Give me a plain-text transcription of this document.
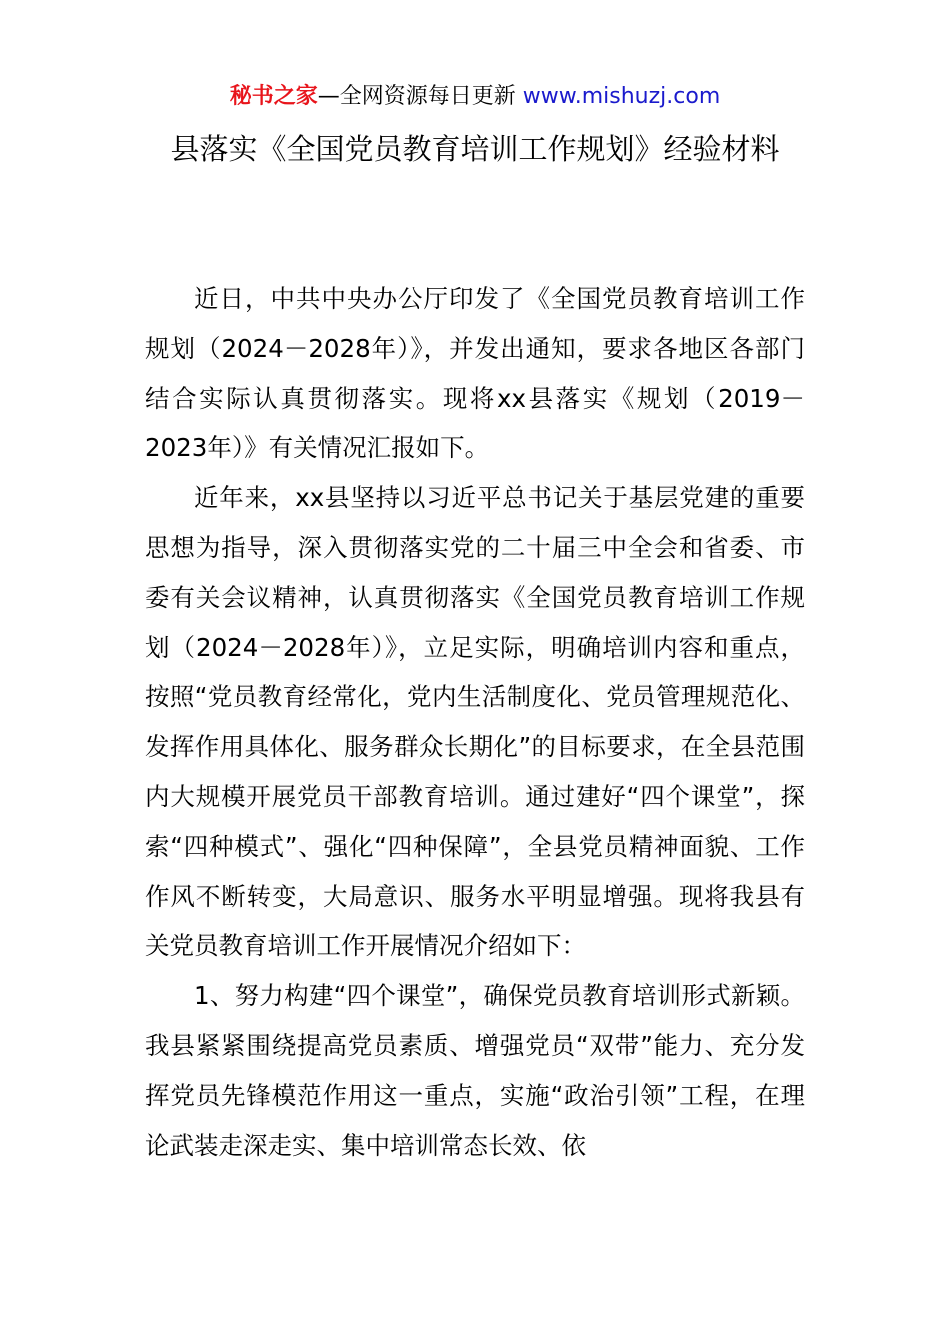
秘书之家—全网资源每日更新 www.mishuzj.com
县落实《全国党员教育培训工作规划》经验材料

近日，中共中央办公厅印发了《全国党员教育培训工作规划（2024－2028年）》，并发出通知，要求各地区各部门结合实际认真贯彻落实。现将xx县落实《规划（2019－2023年）》有关情况汇报如下。

近年来，xx县坚持以习近平总书记关于基层党建的重要思想为指导，深入贯彻落实党的二十届三中全会和省委、市委有关会议精神，认真贯彻落实《全国党员教育培训工作规划（2024－2028年）》，立足实际，明确培训内容和重点，按照“党员教育经常化，党内生活制度化、党员管理规范化、发挥作用具体化、服务群众长期化”的目标要求，在全县范围内大规模开展党员干部教育培训。通过建好“四个课堂”，探索“四种模式”、强化“四种保障”，全县党员精神面貌、工作作风不断转变，大局意识、服务水平明显增强。现将我县有关党员教育培训工作开展情况介绍如下：

1、努力构建“四个课堂”，确保党员教育培训形式新颖。我县紧紧围绕提高党员素质、增强党员“双带”能力、充分发挥党员先锋模范作用这一重点，实施“政治引领”工程，在理论武装走深走实、集中培训常态长效、依
